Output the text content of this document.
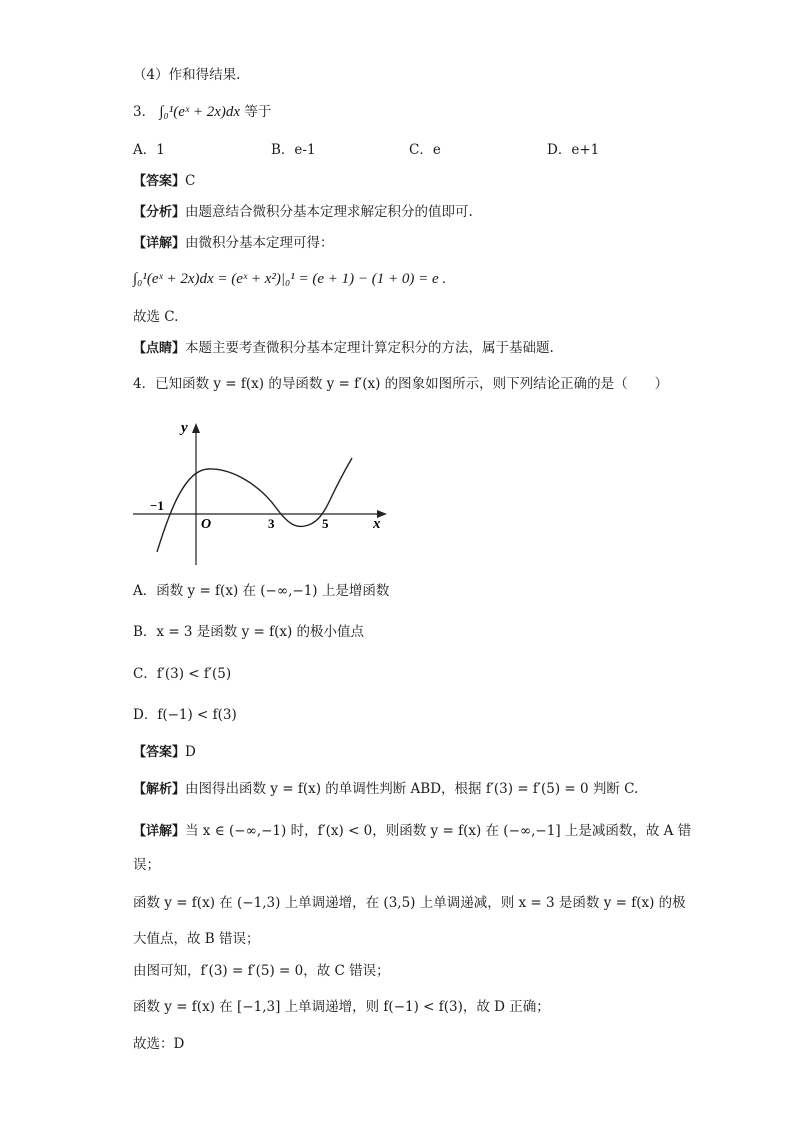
（4）作和得结果.
3． ∫₀¹(eˣ + 2x)dx 等于
A．1	B．e-1	C．e	D．e+1
【答案】C
【分析】由题意结合微积分基本定理求解定积分的值即可.
【详解】由微积分基本定理可得：
∫₀¹(eˣ + 2x)dx = (eˣ + x²)|₀¹ = (e + 1) − (1 + 0) = e .
故选 C.
【点睛】本题主要考查微积分基本定理计算定积分的方法，属于基础题.
4．已知函数 y = f(x) 的导函数 y = f′(x) 的图象如图所示，则下列结论正确的是（　　）
y
x
O
−1
3	5
A．函数 y = f(x) 在 (−∞,−1) 上是增函数
B．x = 3 是函数 y = f(x) 的极小值点
C．f′(3) < f′(5)
D．f(−1) < f(3)
【答案】D
【解析】由图得出函数 y = f(x) 的单调性判断 ABD，根据 f′(3) = f′(5) = 0 判断 C.
【详解】当 x ∈ (−∞,−1) 时，f′(x) < 0，则函数 y = f(x) 在 (−∞,−1] 上是减函数，故 A 错
误；
函数 y = f(x) 在 (−1,3) 上单调递增，在 (3,5) 上单调递减，则 x = 3 是函数 y = f(x) 的极
大值点，故 B 错误；
由图可知，f′(3) = f′(5) = 0，故 C 错误；
函数 y = f(x) 在 [−1,3] 上单调递增，则 f(−1) < f(3)，故 D 正确；
故选：D
